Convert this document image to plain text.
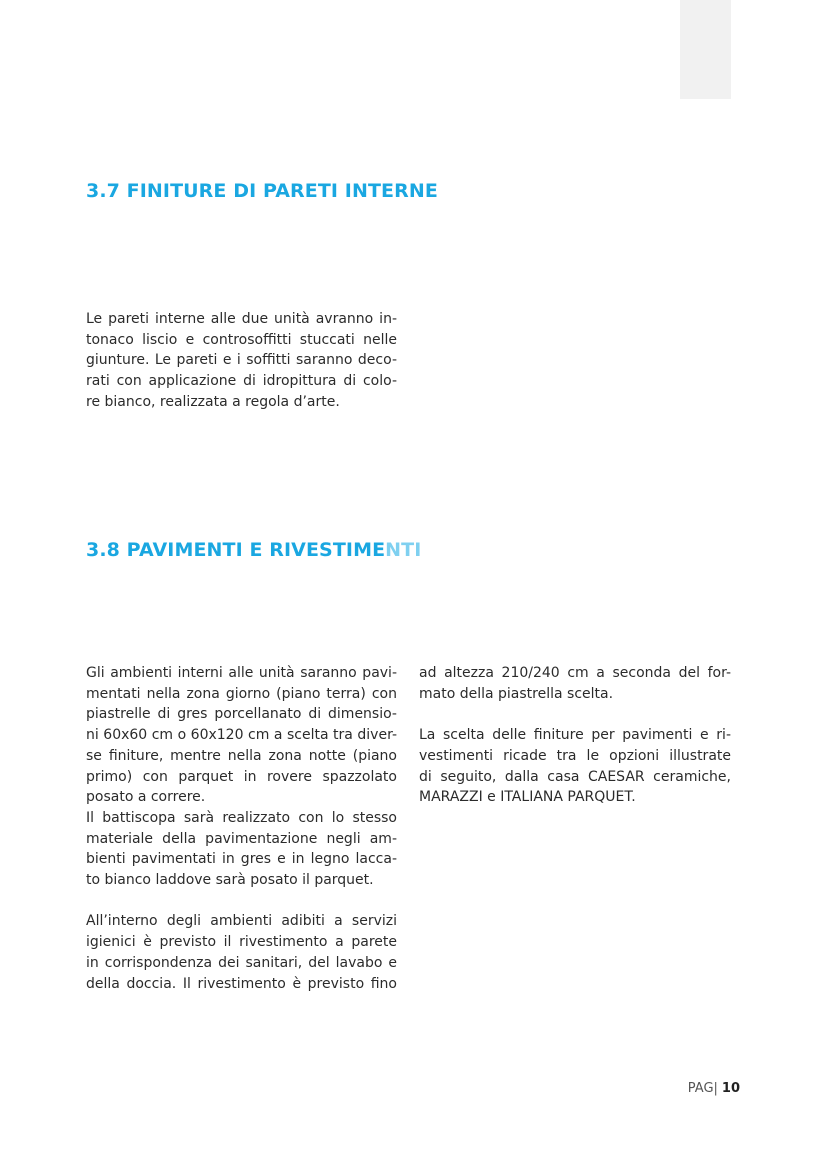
3.7 FINITURE DI PARETI INTERNE
Le pareti interne alle due unità avranno in-
tonaco liscio e controsoffitti stuccati nelle
giunture. Le pareti e i soffitti saranno deco-
rati con applicazione di idropittura di colo-
re bianco, realizzata a regola d’arte.
3.8 PAVIMENTI E RIVESTIMENTI
Gli ambienti interni alle unità saranno pavi-
mentati nella zona giorno (piano terra) con
piastrelle di gres porcellanato di dimensio-
ni 60x60 cm o 60x120 cm a scelta tra diver-
se finiture, mentre nella zona notte (piano
primo) con parquet in rovere spazzolato
posato a correre.
Il battiscopa sarà realizzato con lo stesso
materiale della pavimentazione negli am-
bienti pavimentati in gres e in legno lacca-
to bianco laddove sarà posato il parquet.
All’interno degli ambienti adibiti a servizi
igienici è previsto il rivestimento a parete
in corrispondenza dei sanitari, del lavabo e
della doccia. Il rivestimento è previsto fino
ad altezza 210/240 cm a seconda del for-
mato della piastrella scelta.
La scelta delle finiture per pavimenti e ri-
vestimenti ricade tra le opzioni illustrate
di seguito, dalla casa CAESAR ceramiche,
MARAZZI e ITALIANA PARQUET.
PAG| 10
